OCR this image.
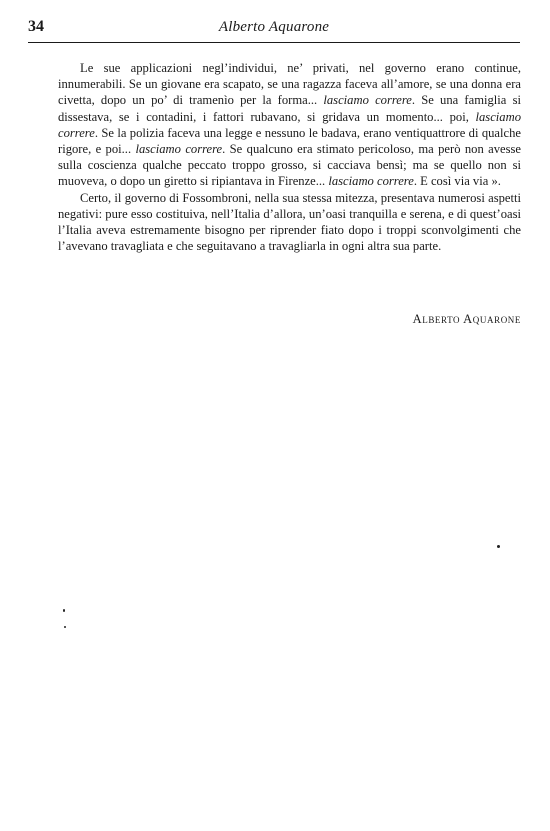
34	Alberto Aquarone

Le sue applicazioni negl’individui, ne’ privati, nel governo erano continue, innumerabili. Se un giovane era scapato, se una ragazza faceva all’amore, se una donna era civetta, dopo un po’ di tramenìo per la forma... lasciamo correre. Se una famiglia si dissestava, se i contadini, i fattori rubavano, si gridava un momento... poi, lasciamo correre. Se la polizia faceva una legge e nessuno le badava, erano ventiquattrore di qualche rigore, e poi... lasciamo correre. Se qualcuno era stimato pericoloso, ma però non avesse sulla coscienza qualche peccato troppo grosso, si cacciava bensì; ma se quello non si muoveva, o dopo un giretto si ripiantava in Firenze... lasciamo correre. E così via via ».

Certo, il governo di Fossombroni, nella sua stessa mitezza, presentava numerosi aspetti negativi: pure esso costituiva, nell’Italia d’allora, un’oasi tranquilla e serena, e di quest’oasi l’Italia aveva estremamente bisogno per riprender fiato dopo i troppi sconvolgimenti che l’avevano travagliata e che seguitavano a travagliarla in ogni altra sua parte.

Alberto Aquarone
